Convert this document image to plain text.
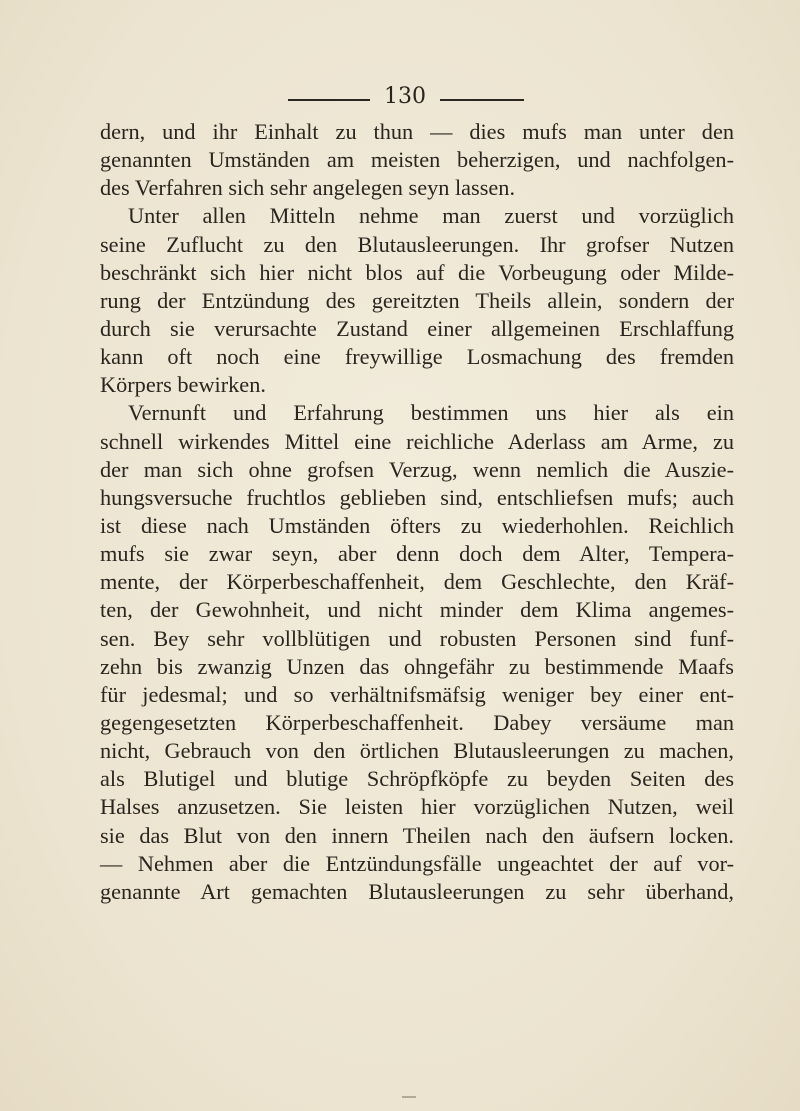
130
dern, und ihr Einhalt zu thun — dies mufs man unter den
genannten Umständen am meisten beherzigen, und nachfolgen-
des Verfahren sich sehr angelegen seyn lassen.
Unter allen Mitteln nehme man zuerst und vorzüglich
seine Zuflucht zu den Blutausleerungen. Ihr grofser Nutzen
beschränkt sich hier nicht blos auf die Vorbeugung oder Milde-
rung der Entzündung des gereitzten Theils allein, sondern der
durch sie verursachte Zustand einer allgemeinen Erschlaffung
kann oft noch eine freywillige Losmachung des fremden
Körpers bewirken.
Vernunft und Erfahrung bestimmen uns hier als ein
schnell wirkendes Mittel eine reichliche Aderlass am Arme, zu
der man sich ohne grofsen Verzug, wenn nemlich die Auszie-
hungsversuche fruchtlos geblieben sind, entschliefsen mufs; auch
ist diese nach Umständen öfters zu wiederhohlen. Reichlich
mufs sie zwar seyn, aber denn doch dem Alter, Tempera-
mente, der Körperbeschaffenheit, dem Geschlechte, den Kräf-
ten, der Gewohnheit, und nicht minder dem Klima angemes-
sen. Bey sehr vollblütigen und robusten Personen sind funf-
zehn bis zwanzig Unzen das ohngefähr zu bestimmende Maafs
für jedesmal; und so verhältnifsmäfsig weniger bey einer ent-
gegengesetzten Körperbeschaffenheit. Dabey versäume man
nicht, Gebrauch von den örtlichen Blutausleerungen zu machen,
als Blutigel und blutige Schröpfköpfe zu beyden Seiten des
Halses anzusetzen. Sie leisten hier vorzüglichen Nutzen, weil
sie das Blut von den innern Theilen nach den äufsern locken.
— Nehmen aber die Entzündungsfälle ungeachtet der auf vor-
genannte Art gemachten Blutausleerungen zu sehr überhand,
